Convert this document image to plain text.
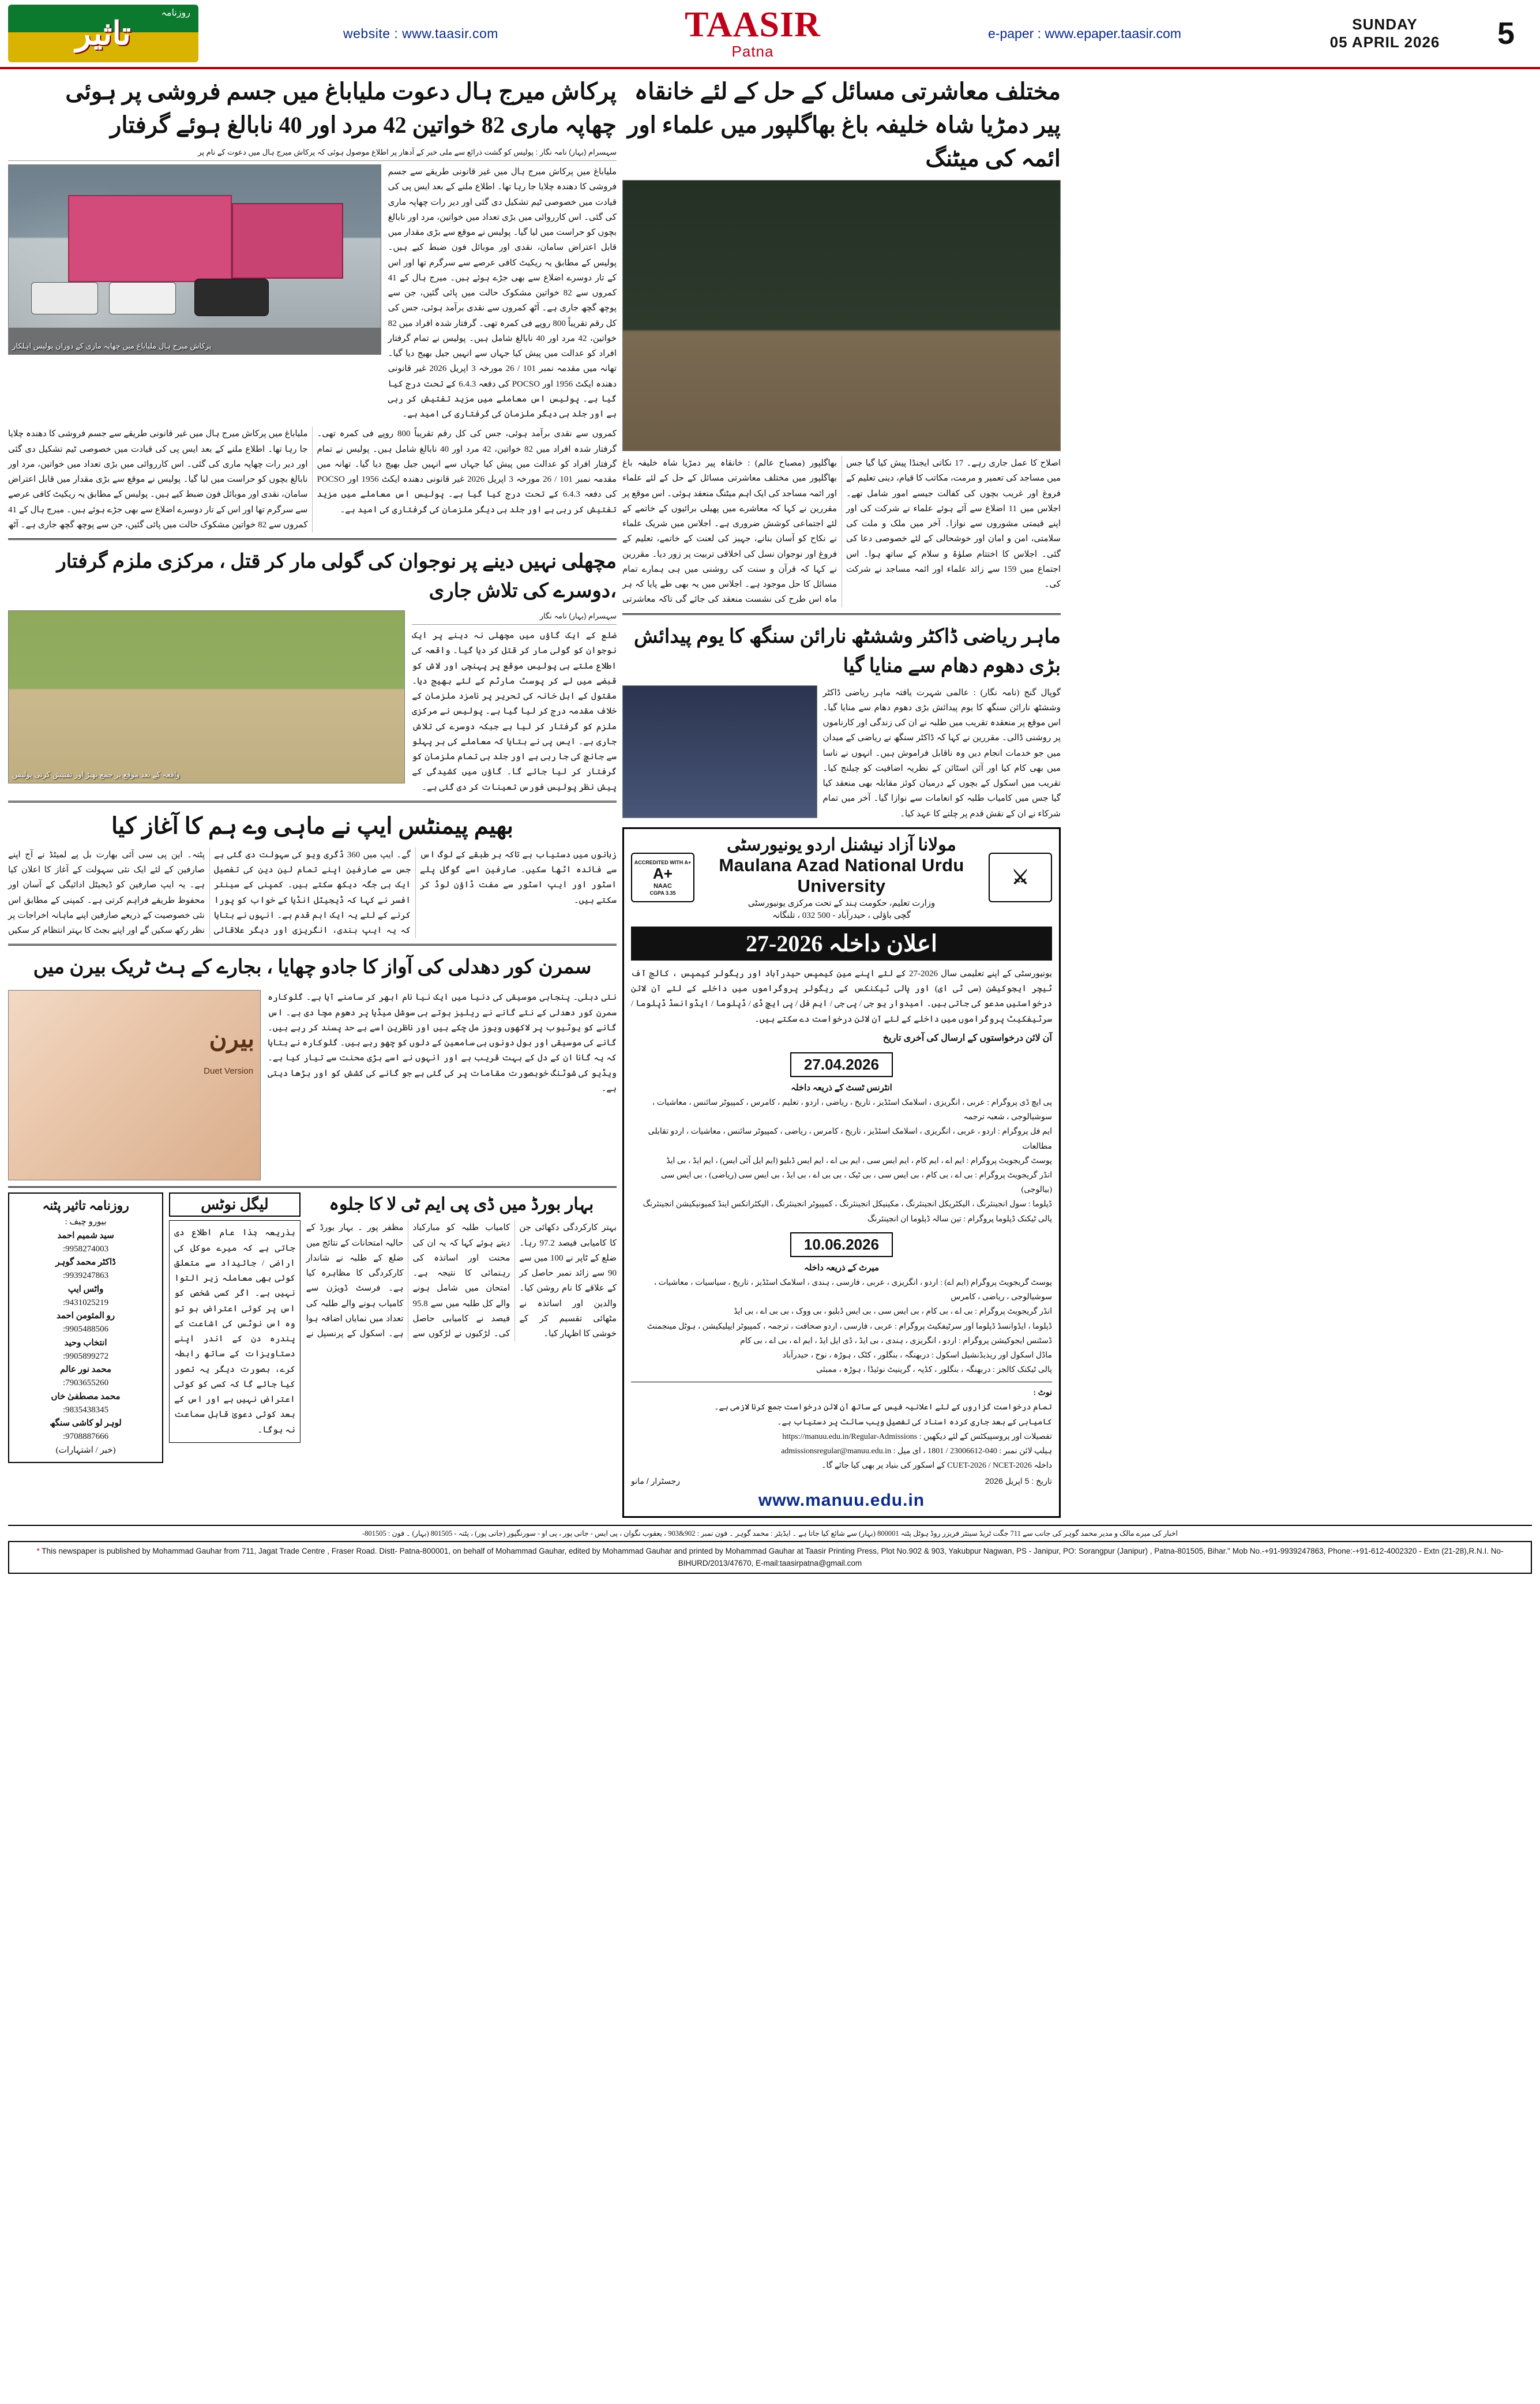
روزنامہ
تاثیر	website : www.taasir.com	TAASIR
Patna
e-paper : www.epaper.taasir.com
SUNDAY
05 APRIL 2026	5
پرکاش میرج ہال دعوت ملیاباغ میں جسم فروشی پر ہوئی چھاپہ ماری 82 خواتین 42 مرد اور 40 نابالغ ہوئے گرفتار
سہسرام (بہار) نامہ نگار : پولیس کو گشت ذرائع سے ملی خبر کے آدھار پر اطلاع موصول ہوئی کہ پرکاش میرج ہال میں دعوت کے نام پر
پرکاش میرج ہال ملیاباغ میں چھاپہ ماری کے دوران پولیس اہلکار
ملیاباغ میں پرکاش میرج ہال میں غیر قانونی طریقے سے جسم فروشی کا دھندہ چلایا جا رہا تھا۔ اطلاع ملنے کے بعد ایس پی کی قیادت میں خصوصی ٹیم تشکیل دی گئی اور دیر رات چھاپہ ماری کی گئی۔ اس کارروائی میں بڑی تعداد میں خواتین، مرد اور نابالغ بچوں کو حراست میں لیا گیا۔ پولیس نے موقع سے بڑی مقدار میں قابل اعتراض سامان، نقدی اور موبائل فون ضبط کیے ہیں۔ پولیس کے مطابق یہ ریکیٹ کافی عرصے سے سرگرم تھا اور اس کے تار دوسرے اضلاع سے بھی جڑے ہوئے ہیں۔ میرج ہال کے 41 کمروں سے 82 خواتین مشکوک حالت میں پائی گئیں، جن سے پوچھ گچھ جاری ہے۔ آٹھ کمروں سے نقدی برآمد ہوئی، جس کی کل رقم تقریباً 800 روپے فی کمرہ تھی۔ گرفتار شدہ افراد میں 82 خواتین، 42 مرد اور 40 نابالغ شامل ہیں۔ پولیس نے تمام گرفتار افراد کو عدالت میں پیش کیا جہاں سے انہیں جیل بھیج دیا گیا۔ تھانہ میں مقدمہ نمبر 101 / 26 مورخہ 3 اپریل 2026 غیر قانونی دھندہ ایکٹ 1956 اور POCSO کی دفعہ 6.4.3 کے تحت درج کیا گیا ہے۔ پولیس اس معاملے میں مزید تفتیش کر رہی ہے اور جلد ہی دیگر ملزمان کی گرفتاری کی امید ہے۔
ملیاباغ میں پرکاش میرج ہال میں غیر قانونی طریقے سے جسم فروشی کا دھندہ چلایا جا رہا تھا۔ اطلاع ملنے کے بعد ایس پی کی قیادت میں خصوصی ٹیم تشکیل دی گئی اور دیر رات چھاپہ ماری کی گئی۔ اس کارروائی میں بڑی تعداد میں خواتین، مرد اور نابالغ بچوں کو حراست میں لیا گیا۔ پولیس نے موقع سے بڑی مقدار میں قابل اعتراض سامان، نقدی اور موبائل فون ضبط کیے ہیں۔ پولیس کے مطابق یہ ریکیٹ کافی عرصے سے سرگرم تھا اور اس کے تار دوسرے اضلاع سے بھی جڑے ہوئے ہیں۔ میرج ہال کے 41 کمروں سے 82 خواتین مشکوک حالت میں پائی گئیں، جن سے پوچھ گچھ جاری ہے۔ آٹھ کمروں سے نقدی برآمد ہوئی، جس کی کل رقم تقریباً 800 روپے فی کمرہ تھی۔ گرفتار شدہ افراد میں 82 خواتین، 42 مرد اور 40 نابالغ شامل ہیں۔ پولیس نے تمام گرفتار افراد کو عدالت میں پیش کیا جہاں سے انہیں جیل بھیج دیا گیا۔ تھانہ میں مقدمہ نمبر 101 / 26 مورخہ 3 اپریل 2026 غیر قانونی دھندہ ایکٹ 1956 اور POCSO کی دفعہ 6.4.3 کے تحت درج کیا گیا ہے۔ پولیس اس معاملے میں مزید تفتیش کر رہی ہے اور جلد ہی دیگر ملزمان کی گرفتاری کی امید ہے۔
مچھلی نہیں دینے پر نوجوان کی گولی مار کر قتل ، مرکزی ملزم گرفتار ،دوسرے کی تلاش جاری
واقعہ کے بعد موقع پر جمع بھیڑ اور تفتیش کرتی پولیس
سہسرام (بہار) نامہ نگار
ضلع کے ایک گاؤں میں مچھلی نہ دینے پر ایک نوجوان کو گولی مار کر قتل کر دیا گیا۔ واقعہ کی اطلاع ملتے ہی پولیس موقع پر پہنچی اور لاش کو قبضے میں لے کر پوسٹ مارٹم کے لئے بھیج دیا۔ مقتول کے اہل خانہ کی تحریر پر نامزد ملزمان کے خلاف مقدمہ درج کر لیا گیا ہے۔ پولیس نے مرکزی ملزم کو گرفتار کر لیا ہے جبکہ دوسرے کی تلاش جاری ہے۔ ایس پی نے بتایا کہ معاملے کی ہر پہلو سے جانچ کی جا رہی ہے اور جلد ہی تمام ملزمان کو گرفتار کر لیا جائے گا۔ گاؤں میں کشیدگی کے پیش نظر پولیس فورس تعینات کر دی گئی ہے۔
بھیم پیمنٹس ایپ نے ماہی وے ہم کا آغاز کیا
پٹنہ۔ این پی سی آئی بھارت بل پے لمیٹڈ نے آج اپنے صارفین کے لئے ایک نئی سہولت کے آغاز کا اعلان کیا ہے۔ یہ ایپ صارفین کو ڈیجیٹل ادائیگی کے آسان اور محفوظ طریقے فراہم کرتی ہے۔ کمپنی کے مطابق اس نئی خصوصیت کے ذریعے صارفین اپنے ماہانہ اخراجات پر نظر رکھ سکیں گے اور اپنے بجٹ کا بہتر انتظام کر سکیں گے۔ ایپ میں 360 ڈگری ویو کی سہولت دی گئی ہے جس سے صارفین اپنے تمام لین دین کی تفصیل ایک ہی جگہ دیکھ سکتے ہیں۔ کمپنی کے سینئر افسر نے کہا کہ ڈیجیٹل انڈیا کے خواب کو پورا کرنے کے لئے یہ ایک اہم قدم ہے۔ انہوں نے بتایا کہ یہ ایپ ہندی، انگریزی اور دیگر علاقائی زبانوں میں دستیاب ہے تاکہ ہر طبقے کے لوگ اس سے فائدہ اٹھا سکیں۔ صارفین اسے گوگل پلے اسٹور اور ایپ اسٹور سے مفت ڈاؤن لوڈ کر سکتے ہیں۔
سمرن کور دھدلی کی آواز کا جادو چھایا ، بجارے کے ہٹ ٹریک بیرن میں
بیرن
Duet Version
نئی دہلی۔ پنجابی موسیقی کی دنیا میں ایک نیا نام ابھر کر سامنے آیا ہے۔ گلوکارہ سمرن کور دھدلی کے نئے گانے نے ریلیز ہوتے ہی سوشل میڈیا پر دھوم مچا دی ہے۔ اس گانے کو یوٹیوب پر لاکھوں ویوز مل چکے ہیں اور ناظرین اسے بے حد پسند کر رہے ہیں۔ گانے کی موسیقی اور بول دونوں ہی سامعین کے دلوں کو چھو رہے ہیں۔ گلوکارہ نے بتایا کہ یہ گانا ان کے دل کے بہت قریب ہے اور انہوں نے اسے بڑی محنت سے تیار کیا ہے۔ ویڈیو کی شوٹنگ خوبصورت مقامات پر کی گئی ہے جو گانے کی کشش کو اور بڑھا دیتی ہے۔
روزنامہ تاثیر پٹنہ
بیورو چیف :
سید شمیم احمد
9958274003:
ڈاکٹر محمد گوہر
9939247863:
واٹس ایپ
9431025219:
رو المئومن احمد
9905488506:
انتخاب وحید
9905899272:
محمد نور عالم
7903655260:
محمد مصطفیٰ خاں
9835438345:
لوہر لو کاشی سنگھ
9708887666:
(خبر / اشتہارات)
لیگل نوٹس
بذریعہ ہٰذا عام اطلاع دی جاتی ہے کہ میرے موکل کی اراضی / جائیداد سے متعلق کوئی بھی معاملہ زیر التوا نہیں ہے۔ اگر کسی شخص کو اس پر کوئی اعتراض ہو تو وہ اس نوٹس کی اشاعت کے پندرہ دن کے اندر اپنے دستاویزات کے ساتھ رابطہ کرے، بصورت دیگر یہ تصور کیا جائے گا کہ کسی کو کوئی اعتراض نہیں ہے اور اس کے بعد کوئی دعویٰ قابل سماعت نہ ہوگا۔
بہار بورڈ میں ڈی پی ایم ٹی لا کا جلوہ
مظفر پور ۔ بہار بورڈ کے حالیہ امتحانات کے نتائج میں ضلع کے طلبہ نے شاندار کارکردگی کا مظاہرہ کیا ہے۔ فرسٹ ڈویژن سے کامیاب ہونے والے طلبہ کی تعداد میں نمایاں اضافہ ہوا ہے۔ اسکول کے پرنسپل نے کامیاب طلبہ کو مبارکباد دیتے ہوئے کہا کہ یہ ان کی محنت اور اساتذہ کی رہنمائی کا نتیجہ ہے۔ امتحان میں شامل ہونے والے کل طلبہ میں سے 95.8 فیصد نے کامیابی حاصل کی۔ لڑکیوں نے لڑکوں سے بہتر کارکردگی دکھائی جن کا کامیابی فیصد 97.2 رہا۔ ضلع کے ٹاپر نے 100 میں سے 90 سے زائد نمبر حاصل کر کے علاقے کا نام روشن کیا۔ والدین اور اساتذہ نے مٹھائی تقسیم کر کے خوشی کا اظہار کیا۔
مختلف معاشرتی مسائل کے حل کے لئے خانقاہ پیر دمڑیا شاہ خلیفہ باغ بھاگلپور میں علماء اور ائمہ کی میٹنگ
بھاگلپور (مصباح عالم) : خانقاہ پیر دمڑیا شاہ خلیفہ باغ بھاگلپور میں مختلف معاشرتی مسائل کے حل کے لئے علماء اور ائمہ مساجد کی ایک اہم میٹنگ منعقد ہوئی۔ اس موقع پر مقررین نے کہا کہ معاشرے میں پھیلی برائیوں کے خاتمے کے لئے اجتماعی کوشش ضروری ہے۔ اجلاس میں شریک علماء نے نکاح کو آسان بنانے، جہیز کی لعنت کے خاتمے، تعلیم کے فروغ اور نوجوان نسل کی اخلاقی تربیت پر زور دیا۔ مقررین نے کہا کہ قرآن و سنت کی روشنی میں ہی ہمارے تمام مسائل کا حل موجود ہے۔ اجلاس میں یہ بھی طے پایا کہ ہر ماہ اس طرح کی نشست منعقد کی جائے گی تاکہ معاشرتی اصلاح کا عمل جاری رہے۔ 17 نکاتی ایجنڈا پیش کیا گیا جس میں مساجد کی تعمیر و مرمت، مکاتب کا قیام، دینی تعلیم کے فروغ اور غریب بچوں کی کفالت جیسے امور شامل تھے۔ اجلاس میں 11 اضلاع سے آئے ہوئے علماء نے شرکت کی اور اپنے قیمتی مشوروں سے نوازا۔ آخر میں ملک و ملت کی سلامتی، امن و امان اور خوشحالی کے لئے خصوصی دعا کی گئی۔ اجلاس کا اختتام صلوٰۃ و سلام کے ساتھ ہوا۔ اس اجتماع میں 159 سے زائد علماء اور ائمہ مساجد نے شرکت کی۔
ماہر ریاضی ڈاکٹر وششٹھ نارائن سنگھ کا یوم پیدائش بڑی دھوم دھام سے منایا گیا
گوپال گنج (نامہ نگار) : عالمی شہرت یافتہ ماہر ریاضی ڈاکٹر وششٹھ نارائن سنگھ کا یوم پیدائش بڑی دھوم دھام سے منایا گیا۔ اس موقع پر منعقدہ تقریب میں طلبہ نے ان کی زندگی اور کارناموں پر روشنی ڈالی۔ مقررین نے کہا کہ ڈاکٹر سنگھ نے ریاضی کے میدان میں جو خدمات انجام دیں وہ ناقابل فراموش ہیں۔ انہوں نے ناسا میں بھی کام کیا اور آئن اسٹائن کے نظریہ اضافیت کو چیلنج کیا۔ تقریب میں اسکول کے بچوں کے درمیان کوئز مقابلہ بھی منعقد کیا گیا جس میں کامیاب طلبہ کو انعامات سے نوازا گیا۔ آخر میں تمام شرکاء نے ان کے نقش قدم پر چلنے کا عہد کیا۔
ACCREDITED WITH A+
A+
NAAC
CGPA 3.35
مولانا آزاد نیشنل اردو یونیورسٹی
Maulana Azad National Urdu University
وزارت تعلیم، حکومت ہند کے تحت مرکزی یونیورسٹی
گچی باؤلی ، حیدرآباد - 500 032 ، تلنگانہ
⚔
اعلان داخلہ 2026-27
یونیورسٹی کے اپنے تعلیمی سال 2026-27 کے لئے اپنے مین کیمپس حیدرآباد اور ریگولر کیمپس ، کالج آف ٹیچر ایجوکیشن (سی ٹی ای) اور پالی ٹیکنکس کے ریگولر پروگراموں میں داخلے کے لئے آن لائن درخواستیں مدعو کی جاتی ہیں۔ امیدوار یو جی / پی جی / ایم فل / پی ایچ ڈی / ڈپلوما / ایڈوانسڈ ڈپلوما / سرٹیفکیٹ پروگراموں میں داخلے کے لئے آن لائن درخواست دے سکتے ہیں۔
آن لائن درخواستوں کے ارسال کی آخری تاریخ
27.04.2026
انٹرنس ٹسٹ کے ذریعہ داخلہ
پی ایچ ڈی پروگرام : عربی ، انگریزی ، اسلامک اسٹڈیز ، تاریخ ، ریاضی ، اردو ، تعلیم ، کامرس ، کمپیوٹر سائنس ، معاشیات ، سوشیالوجی ، شعبہ ترجمہ
ایم فل پروگرام : اردو ، عربی ، انگریزی ، اسلامک اسٹڈیز ، تاریخ ، کامرس ، ریاضی ، کمپیوٹر سائنس ، معاشیات ، اردو تقابلی مطالعات
پوسٹ گریجویٹ پروگرام : ایم اے ، ایم کام ، ایم ایس سی ، ایم بی اے ، ایم ایس ڈبلیو (ایم ایل آئی ایس) ، ایم ایڈ ، بی ایڈ
انڈر گریجویٹ پروگرام : بی اے ، بی کام ، بی ایس سی ، بی ٹیک ، بی بی اے ، بی ایڈ ، بی ایس سی (ریاضی) ، بی ایس سی (بیالوجی)
ڈپلوما : سول انجینئرنگ ، الیکٹریکل انجینئرنگ ، مکینیکل انجینئرنگ ، کمپیوٹر انجینئرنگ ، الیکٹرانکس اینڈ کمیونیکیشن انجینئرنگ
پالی ٹیکنک ڈپلوما پروگرام : تین سالہ ڈپلوما ان انجینئرنگ
10.06.2026
میرٹ کے ذریعہ داخلہ
پوسٹ گریجویٹ پروگرام (ایم اے) : اردو ، انگریزی ، عربی ، فارسی ، ہندی ، اسلامک اسٹڈیز ، تاریخ ، سیاسیات ، معاشیات ، سوشیالوجی ، ریاضی ، کامرس
انڈر گریجویٹ پروگرام : بی اے ، بی کام ، بی ایس سی ، بی ایس ڈبلیو ، بی ووک ، بی بی اے ، بی ایڈ
ڈپلوما ، ایڈوانسڈ ڈپلوما اور سرٹیفکیٹ پروگرام : عربی ، فارسی ، اردو صحافت ، ترجمہ ، کمپیوٹر ایپلیکیشن ، ہوٹل مینجمنٹ
ڈسٹنس ایجوکیشن پروگرام : اردو ، انگریزی ، ہندی ، بی ایڈ ، ڈی ایل ایڈ ، ایم اے ، بی اے ، بی کام
ماڈل اسکول اور ریذیڈنشیل اسکول : دربھنگہ ، بنگلور ، کٹک ، ہوڑہ ، نوح ، حیدرآباد
پالی ٹیکنک کالجز : دربھنگہ ، بنگلور ، کڈپہ ، گرینیٹ نوئیڈا ، ہوڑہ ، ممبئی
نوٹ :
تمام درخواست گزاروں کے لئے اعلانیہ فیس کے ساتھ آن لائن درخواست جمع کرنا لازمی ہے۔
کامیابی کے بعد جاری کردہ اسناد کی تفصیل ویب سائٹ پر دستیاب ہے۔
تفصیلات اور پروسپیکٹس کے لئے دیکھیں : https://manuu.edu.in/Regular-Admissions
ہیلپ لائن نمبر : 040-23006612 / 1801 ، ای میل : admissionsregular@manuu.edu.in
داخلہ CUET-2026 / NCET-2026 کے اسکور کی بنیاد پر بھی کیا جائے گا۔
تاریخ : 5 اپریل 2026
رجسٹرار / مانو
www.manuu.edu.in
اخبار کی میرے مالک و مدیر محمد گوہر کی جانب سے 711 جگت ٹریڈ سینٹر فریزر روڈ ہوٹل پٹنہ 800001 (بہار) سے شائع کیا جاتا ہے ۔ ایڈیٹر : محمد گوہر ۔ فون نمبر : 902&903 ، یعقوب نگوان ، پی ایس - جانی پور ، پی او - سورنگپور (جانی پور) ، پٹنہ - 801505 (بہار) ۔ فون : 801505-
* This newspaper is published by Mohammad Gauhar from 711, Jagat Trade Centre , Fraser Road. Distt- Patna-800001, on behalf of Mohammad Gauhar, edited by Mohammad Gauhar and printed by Mohammad Gauhar at Taasir Printing Press, Plot No.902 & 903, Yakubpur Nagwan, PS - Janipur, PO: Sorangpur (Janipur) , Patna-801505, Bihar." Mob No.-+91-9939247863, Phone:-+91-612-4002320 - Extn (21-28),R.N.I. No-BIHURD/2013/47670, E-mail:taasirpatna@gmail.com
